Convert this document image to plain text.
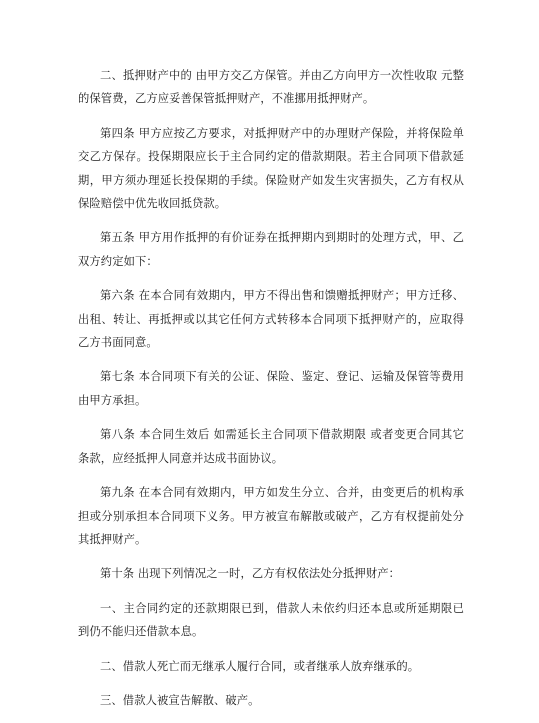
二、抵押财产中的 由甲方交乙方保管。并由乙方向甲方一次性收取 元整的保管费，乙方应妥善保管抵押财产，不准挪用抵押财产。

第四条 甲方应按乙方要求，对抵押财产中的办理财产保险，并将保险单交乙方保存。投保期限应长于主合同约定的借款期限。若主合同项下借款延期，甲方须办理延长投保期的手续。保险财产如发生灾害损失，乙方有权从保险赔偿中优先收回抵贷款。

第五条 甲方用作抵押的有价证券在抵押期内到期时的处理方式，甲、乙双方约定如下：

第六条 在本合同有效期内，甲方不得出售和馈赠抵押财产；甲方迁移、出租、转让、再抵押或以其它任何方式转移本合同项下抵押财产的，应取得乙方书面同意。

第七条 本合同项下有关的公证、保险、鉴定、登记、运输及保管等费用由甲方承担。

第八条 本合同生效后 如需延长主合同项下借款期限 或者变更合同其它条款，应经抵押人同意并达成书面协议。

第九条 在本合同有效期内，甲方如发生分立、合并，由变更后的机构承担或分别承担本合同项下义务。甲方被宣布解散或破产，乙方有权提前处分其抵押财产。

第十条 出现下列情况之一时，乙方有权依法处分抵押财产：

一、主合同约定的还款期限已到，借款人未依约归还本息或所延期限已到仍不能归还借款本息。

二、借款人死亡而无继承人履行合同，或者继承人放弃继承的。

三、借款人被宣告解散、破产。
